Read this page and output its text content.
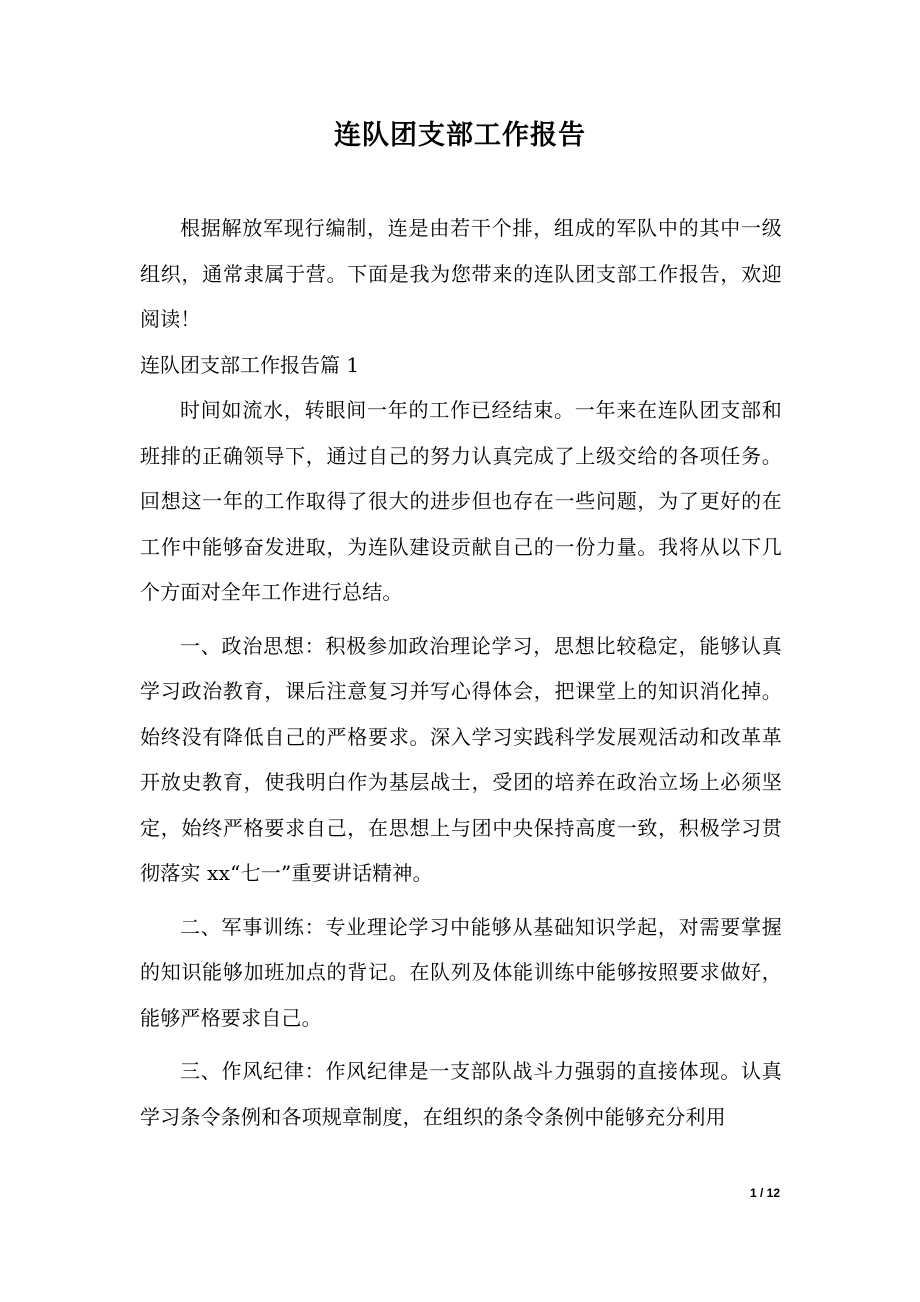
连队团支部工作报告

根据解放军现行编制，连是由若干个排，组成的军队中的其中一级组织，通常隶属于营。下面是我为您带来的连队团支部工作报告，欢迎阅读！

连队团支部工作报告篇 1

时间如流水，转眼间一年的工作已经结束。一年来在连队团支部和班排的正确领导下，通过自己的努力认真完成了上级交给的各项任务。回想这一年的工作取得了很大的进步但也存在一些问题，为了更好的在工作中能够奋发进取，为连队建设贡献自己的一份力量。我将从以下几个方面对全年工作进行总结。

一、政治思想：积极参加政治理论学习，思想比较稳定，能够认真学习政治教育，课后注意复习并写心得体会，把课堂上的知识消化掉。始终没有降低自己的严格要求。深入学习实践科学发展观活动和改革革开放史教育，使我明白作为基层战士，受团的培养在政治立场上必须坚定，始终严格要求自己，在思想上与团中央保持高度一致，积极学习贯彻落实 xx“七一”重要讲话精神。

二、军事训练：专业理论学习中能够从基础知识学起，对需要掌握的知识能够加班加点的背记。在队列及体能训练中能够按照要求做好，能够严格要求自己。

三、作风纪律：作风纪律是一支部队战斗力强弱的直接体现。认真学习条令条例和各项规章制度，在组织的条令条例中能够充分利用

1 / 12
